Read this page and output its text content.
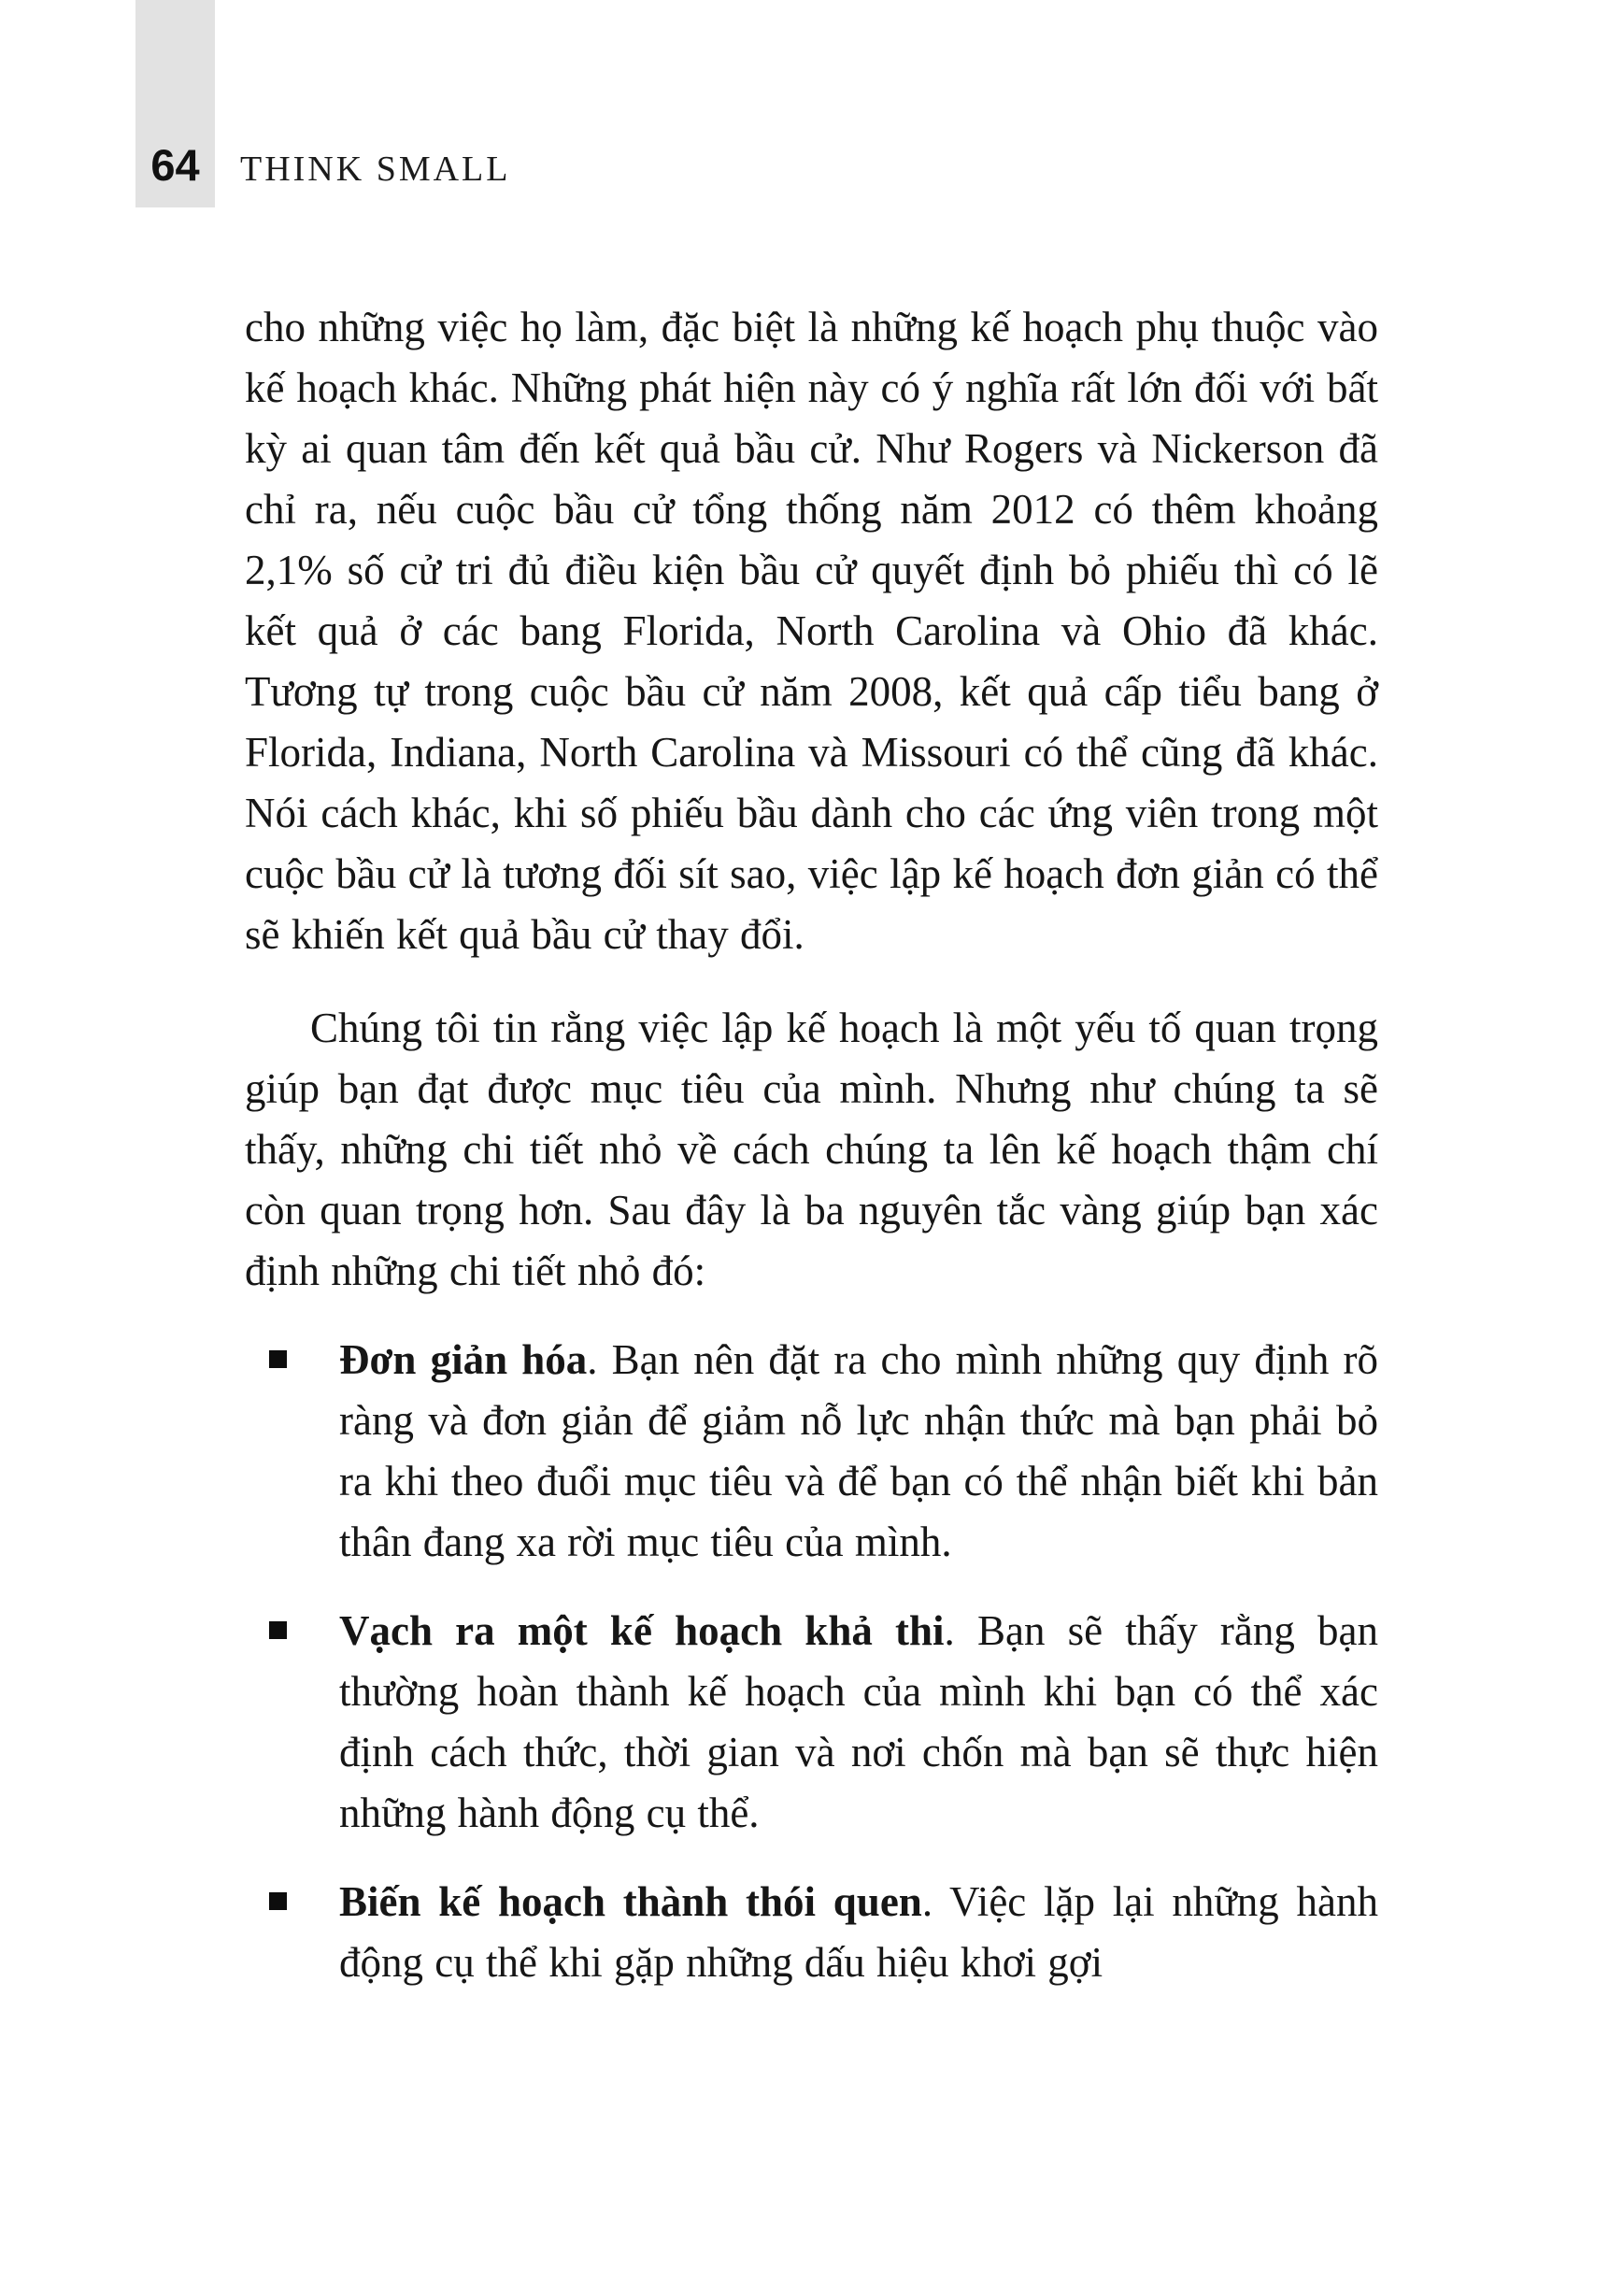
64	THINK SMALL

cho những việc họ làm, đặc biệt là những kế hoạch phụ thuộc vào kế hoạch khác. Những phát hiện này có ý nghĩa rất lớn đối với bất kỳ ai quan tâm đến kết quả bầu cử. Như Rogers và Nickerson đã chỉ ra, nếu cuộc bầu cử tổng thống năm 2012 có thêm khoảng 2,1% số cử tri đủ điều kiện bầu cử quyết định bỏ phiếu thì có lẽ kết quả ở các bang Florida, North Carolina và Ohio đã khác. Tương tự trong cuộc bầu cử năm 2008, kết quả cấp tiểu bang ở Florida, Indiana, North Carolina và Missouri có thể cũng đã khác. Nói cách khác, khi số phiếu bầu dành cho các ứng viên trong một cuộc bầu cử là tương đối sít sao, việc lập kế hoạch đơn giản có thể sẽ khiến kết quả bầu cử thay đổi.

Chúng tôi tin rằng việc lập kế hoạch là một yếu tố quan trọng giúp bạn đạt được mục tiêu của mình. Nhưng như chúng ta sẽ thấy, những chi tiết nhỏ về cách chúng ta lên kế hoạch thậm chí còn quan trọng hơn. Sau đây là ba nguyên tắc vàng giúp bạn xác định những chi tiết nhỏ đó:

Đơn giản hóa. Bạn nên đặt ra cho mình những quy định rõ ràng và đơn giản để giảm nỗ lực nhận thức mà bạn phải bỏ ra khi theo đuổi mục tiêu và để bạn có thể nhận biết khi bản thân đang xa rời mục tiêu của mình.
Vạch ra một kế hoạch khả thi. Bạn sẽ thấy rằng bạn thường hoàn thành kế hoạch của mình khi bạn có thể xác định cách thức, thời gian và nơi chốn mà bạn sẽ thực hiện những hành động cụ thể.
Biến kế hoạch thành thói quen. Việc lặp lại những hành động cụ thể khi gặp những dấu hiệu khơi gợi
